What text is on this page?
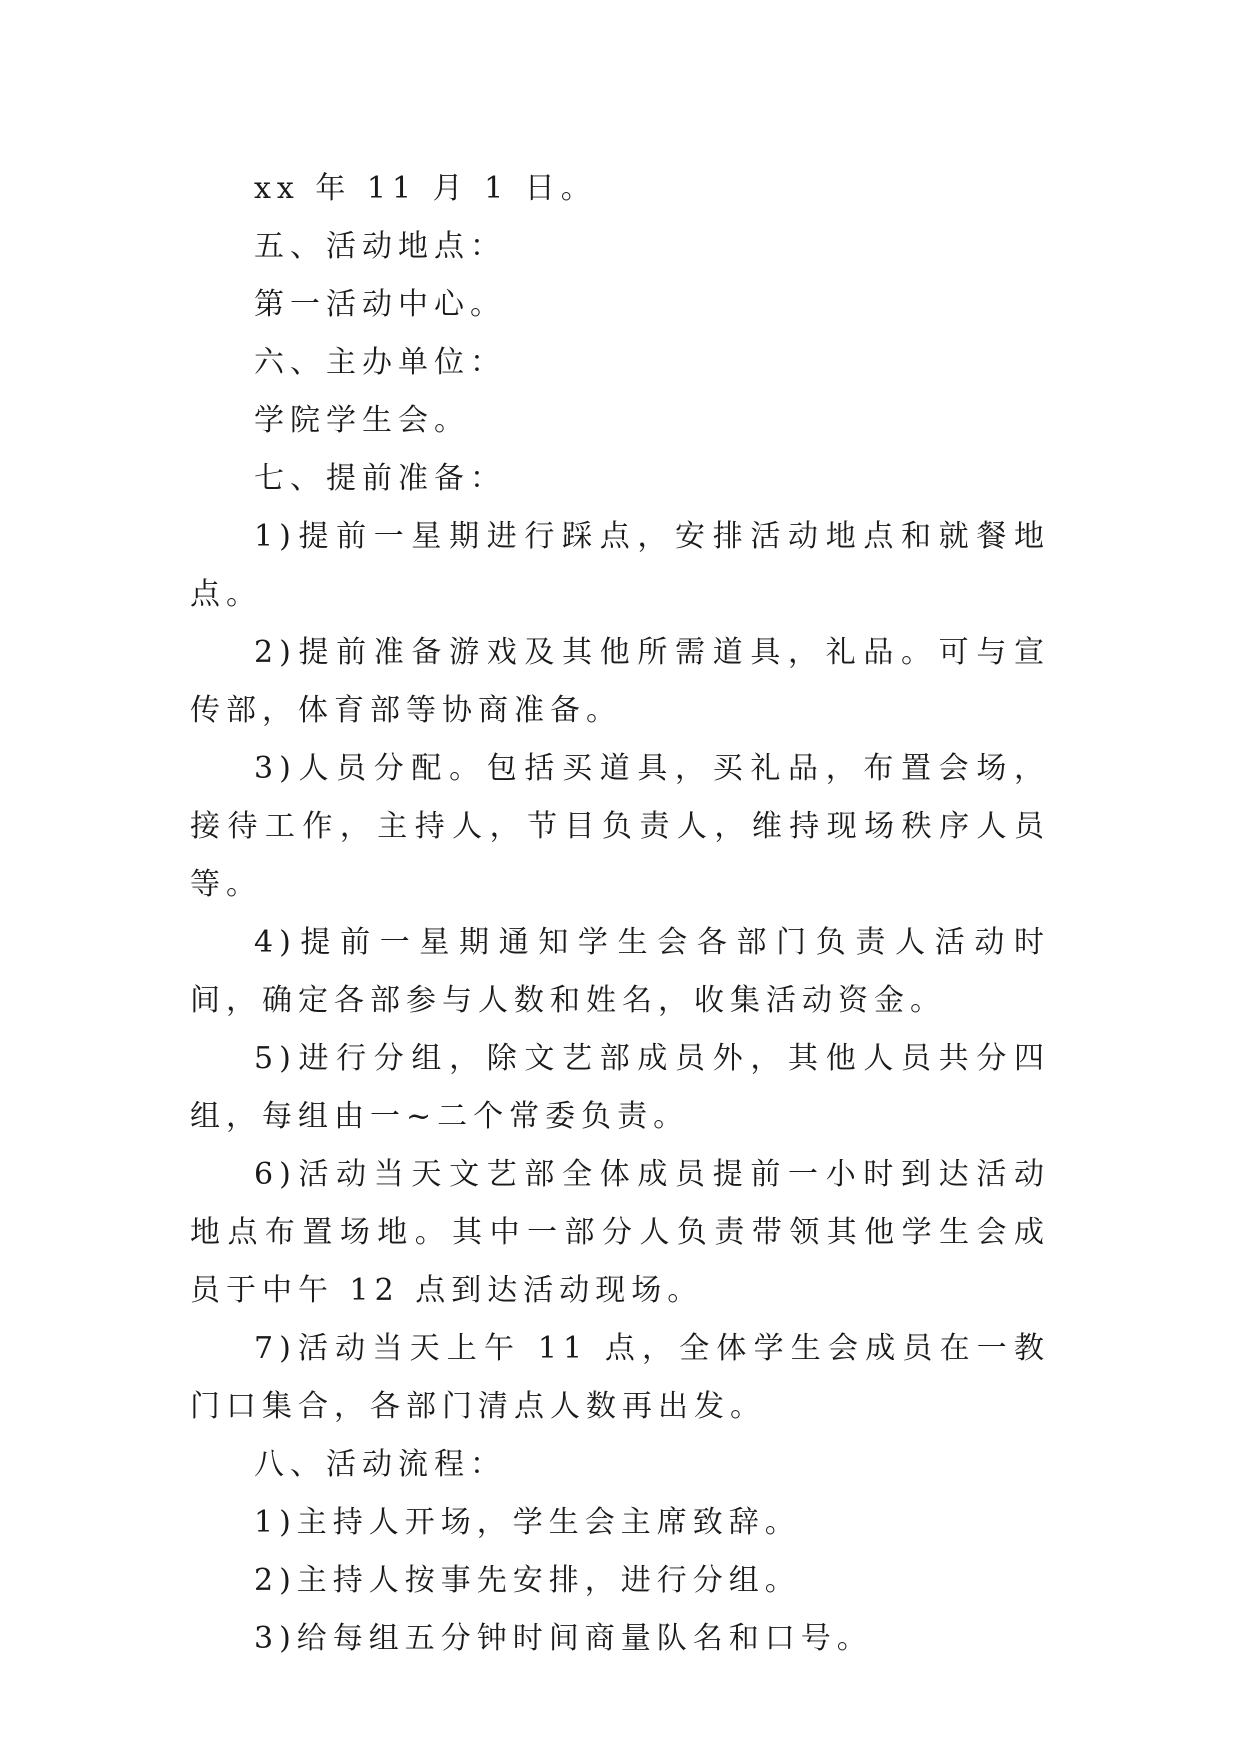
xx 年 11 月 1 日。

五、活动地点：

第一活动中心。

六、主办单位：

学院学生会。

七、提前准备：

1)提前一星期进行踩点，安排活动地点和就餐地点。

2)提前准备游戏及其他所需道具，礼品。可与宣传部，体育部等协商准备。

3)人员分配。包括买道具，买礼品，布置会场，接待工作，主持人，节目负责人，维持现场秩序人员等。

4)提前一星期通知学生会各部门负责人活动时间，确定各部参与人数和姓名，收集活动资金。

5)进行分组，除文艺部成员外，其他人员共分四组，每组由一~二个常委负责。

6)活动当天文艺部全体成员提前一小时到达活动地点布置场地。其中一部分人负责带领其他学生会成员于中午 12 点到达活动现场。

7)活动当天上午 11 点，全体学生会成员在一教门口集合，各部门清点人数再出发。

八、活动流程：

1)主持人开场，学生会主席致辞。

2)主持人按事先安排，进行分组。

3)给每组五分钟时间商量队名和口号。
